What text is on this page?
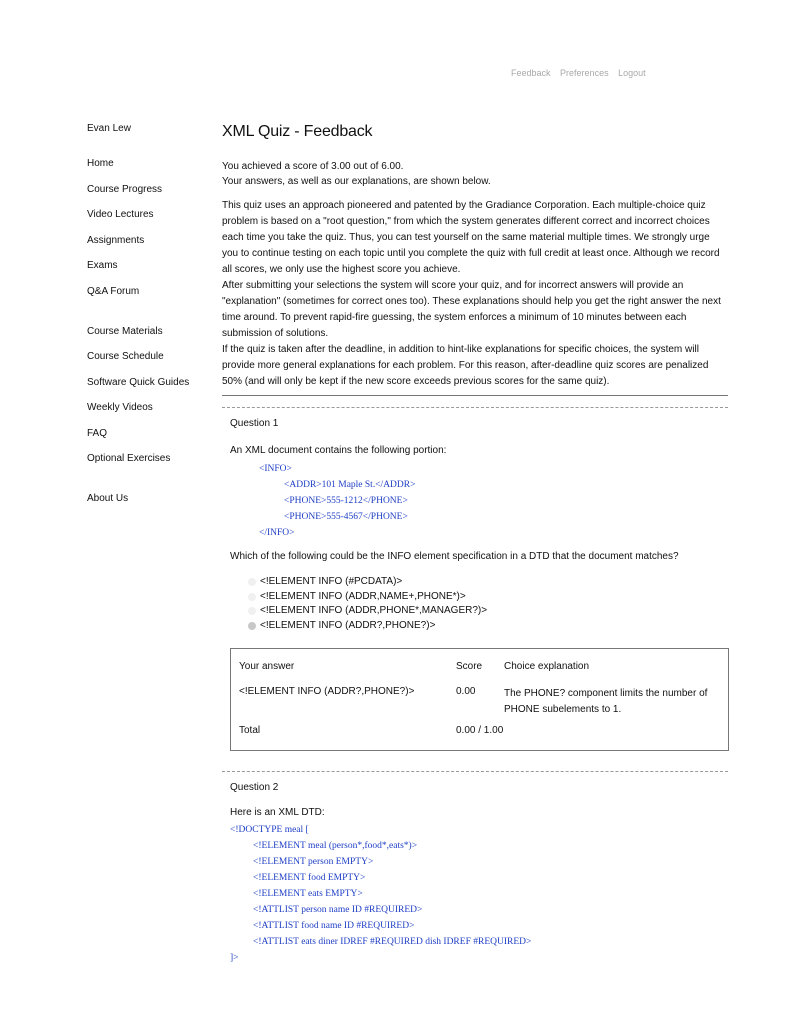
Feedback Preferences Logout
Evan Lew
Home
Course Progress
Video Lectures
Assignments
Exams
Q&A Forum
Course Materials
Course Schedule
Software Quick Guides
Weekly Videos
FAQ
Optional Exercises
About Us
XML Quiz - Feedback
You achieved a score of 3.00 out of 6.00.
Your answers, as well as our explanations, are shown below.

This quiz uses an approach pioneered and patented by the Gradiance Corporation. Each multiple-choice quiz problem is based on a "root question," from which the system generates different correct and incorrect choices each time you take the quiz. Thus, you can test yourself on the same material multiple times. We strongly urge you to continue testing on each topic until you complete the quiz with full credit at least once. Although we record all scores, we only use the highest score you achieve.

After submitting your selections the system will score your quiz, and for incorrect answers will provide an "explanation" (sometimes for correct ones too). These explanations should help you get the right answer the next time around. To prevent rapid-fire guessing, the system enforces a minimum of 10 minutes between each submission of solutions.

If the quiz is taken after the deadline, in addition to hint-like explanations for specific choices, the system will provide more general explanations for each problem. For this reason, after-deadline quiz scores are penalized 50% (and will only be kept if the new score exceeds previous scores for the same quiz).

Question 1
An XML document contains the following portion:
<INFO>
<ADDR>101 Maple St.</ADDR>
<PHONE>555-1212</PHONE>
<PHONE>555-4567</PHONE>
</INFO>
Which of the following could be the INFO element specification in a DTD that the document matches?
<!ELEMENT INFO (#PCDATA)>
<!ELEMENT INFO (ADDR,NAME+,PHONE*)>
<!ELEMENT INFO (ADDR,PHONE*,MANAGER?)>
<!ELEMENT INFO (ADDR?,PHONE?)>
Your answer	Score	Choice explanation
<!ELEMENT INFO (ADDR?,PHONE?)>	0.00	The PHONE? component limits the number of PHONE subelements to 1.
Total	0.00 / 1.00
Question 2
Here is an XML DTD:
<!DOCTYPE meal [
<!ELEMENT meal (person*,food*,eats*)>
<!ELEMENT person EMPTY>
<!ELEMENT food EMPTY>
<!ELEMENT eats EMPTY>
<!ATTLIST person name ID #REQUIRED>
<!ATTLIST food name ID #REQUIRED>
<!ATTLIST eats diner IDREF #REQUIRED dish IDREF #REQUIRED>
]>
